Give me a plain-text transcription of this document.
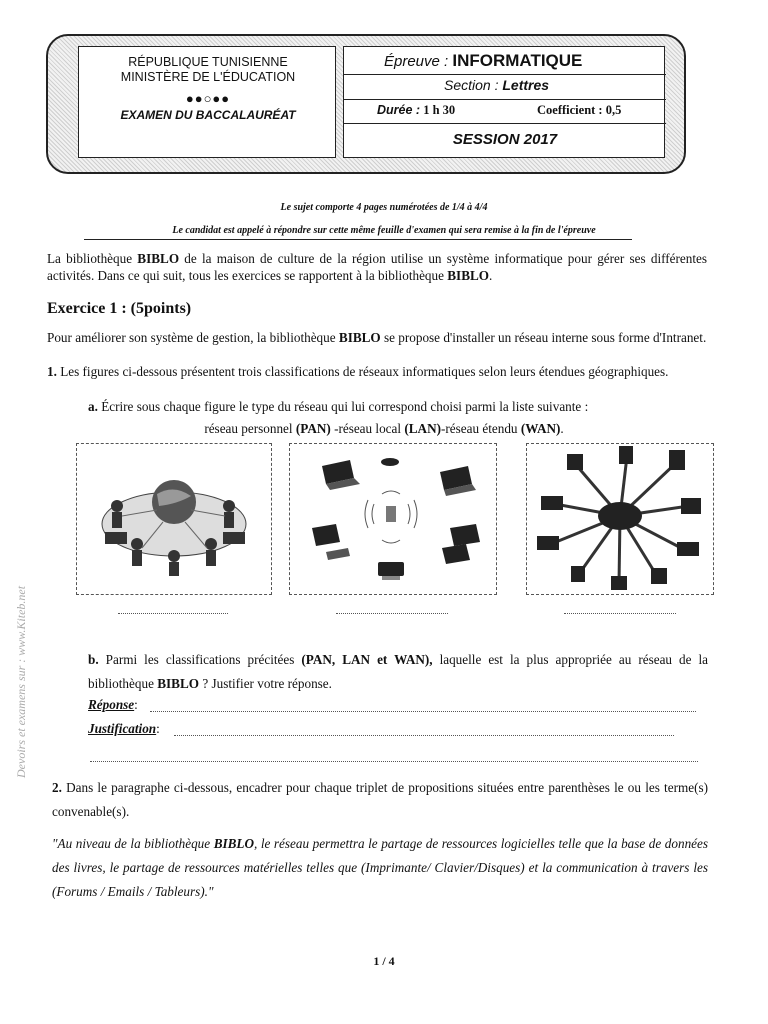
RÉPUBLIQUE TUNISIENNE
MINISTÈRE DE L'ÉDUCATION
●●○●●
EXAMEN DU BACCALAURÉAT
Épreuve : INFORMATIQUE
Section : Lettres
Durée : 1 h 30	Coefficient : 0,5
SESSION 2017
Le sujet comporte 4 pages numérotées de 1/4 à 4/4
Le candidat est appelé à répondre sur cette même feuille d'examen qui sera remise à la fin de l'épreuve

La bibliothèque BIBLO de la maison de culture de la région utilise un système informatique pour gérer ses différentes activités. Dans ce qui suit, tous les exercices se rapportent à la bibliothèque BIBLO.

Exercice 1 : (5points)

Pour améliorer son système de gestion, la bibliothèque BIBLO se propose d'installer un réseau interne sous forme d'Intranet.

1. Les figures ci-dessous présentent trois classifications de réseaux informatiques selon leurs étendues géographiques.

a. Écrire sous chaque figure le type du réseau qui lui correspond choisi parmi la liste suivante :

réseau personnel (PAN) -réseau local (LAN)-réseau étendu (WAN).

b. Parmi les classifications précitées (PAN, LAN et WAN), laquelle est la plus appropriée au réseau de la bibliothèque BIBLO ? Justifier votre réponse.

Réponse:
Justification:

2. Dans le paragraphe ci-dessous, encadrer pour chaque triplet de propositions situées entre parenthèses le ou les terme(s) convenable(s).

"Au niveau de la bibliothèque BIBLO, le réseau permettra le partage de ressources logicielles telle que la base de données des livres, le partage de ressources matérielles telles que (Imprimante/ Clavier/Disques) et la communication à travers les (Forums / Emails / Tableurs)."

Devoirs et examens sur : www.Kiteb.net
1 / 4
